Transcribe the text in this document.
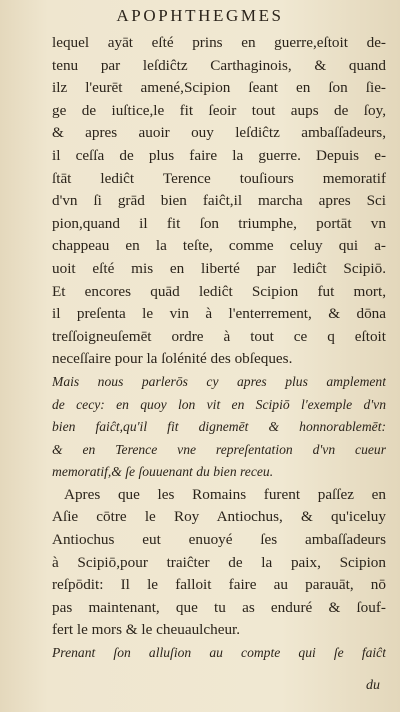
APOPHTHEGMES
lequel ayāt eſté prins en guerre,eſtoit de-
tenu par leſdiĉtz Carthaginois, & quand
ilz l'eurēt amené,Scipion ſeant en ſon ſie-
ge de iuſtice,le fit ſeoir tout aups de ſoy,
& apres auoir ouy leſdiĉtz ambaſſadeurs,
il ceſſa de plus faire la guerre. Depuis e-
ſtāt lediĉt Terence touſiours memoratif
d'vn ſi grād bien faiĉt,il marcha apres Sci
pion,quand il fit ſon triumphe, portāt vn
chappeau en la teſte, comme celuy qui a-
uoit eſté mis en liberté par lediĉt Scipiō.
Et encores quād lediĉt Scipion fut mort,
il preſenta le vin à l'enterrement, & dōna
treſſoigneuſemēt ordre à tout ce q eſtoit
neceſſaire pour la ſolénité des obſeques.
Mais nous parlerōs cy apres plus amplement
de cecy: en quoy lon vit en Scipiō l'exemple d'vn
bien faiĉt,qu'il fit dignemēt & honnorablemēt:
& en Terence vne repreſentation d'vn cueur
memoratif,& ſe ſouuenant du bien receu.
Apres que les Romains furent paſſez en
Aſie cōtre le Roy Antiochus, & qu'iceluy
Antiochus eut enuoyé ſes ambaſſadeurs
à Scipiō,pour traiĉter de la paix, Scipion
reſpōdit: Il le falloit faire au parauāt, nō
pas maintenant, que tu as enduré & ſouf-
fert le mors & le cheuaulcheur.
Prenant ſon alluſion au compte qui ſe faiĉt
du
